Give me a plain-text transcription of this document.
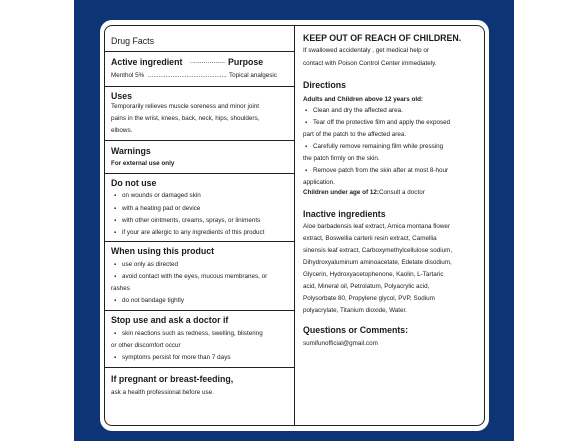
Drug Facts
Active ingredient .................. Purpose
Menthol 5% ............................................. Topical analgesic
Uses
Temporarily relieves muscle soreness and minor joint
pains in the wrist, knees, back, neck, hips, shoulders,
elbows.
Warnings
For external use only
Do not use
▪ on wounds or damaged skin
▪ with a heating pad or device
▪ with other ointments, creams, sprays, or liniments
▪ if your are allergic to any ingredients of this product
When using this product
▪ use only as directed
▪ avoid contact with the eyes, mucous membranes, or
rashes
▪ do not bandage tightly
Stop use and ask a doctor if
▪ skin reactions such as redness, swelling, blistering
or other discomfort occur
▪ symptoms persist for more than 7 days
If pregnant or breast-feeding,
ask a health professional before use.
KEEP OUT OF REACH OF CHILDREN.
If swallowed accidentaly , get medical help or
contact with Poison Control Center immediately.
Directions
Adults and Children above 12 years old:
▪ Clean and dry the affected area.
▪ Tear off the protective film and apply the exposed
part of the patch to the affected area.
▪ Carefully remove remaining film while pressing
the patch firmly on the skin.
▪ Remove patch from the skin after at most 8-hour
application.
Children under age of 12:Consult a doctor
Inactive ingredients
Aloe barbadensis leaf extract, Arnica montana flower
extract, Boswellia carterii resin extract, Camellia
sinensis leaf extract, Carboxymethylcellulose sodium,
Dihydroxyaluminum aminoacetate, Edetate disodium,
Glycerin, Hydroxyacetophenone, Kaolin, L-Tartaric
acid, Mineral oil, Petrolatum, Polyacrylic acid,
Polysorbate 80, Propylene glycol, PVP, Sodium
polyacrylate, Titanium dioxide, Water.
Questions or Comments:
sumifunofficial@gmail.com
